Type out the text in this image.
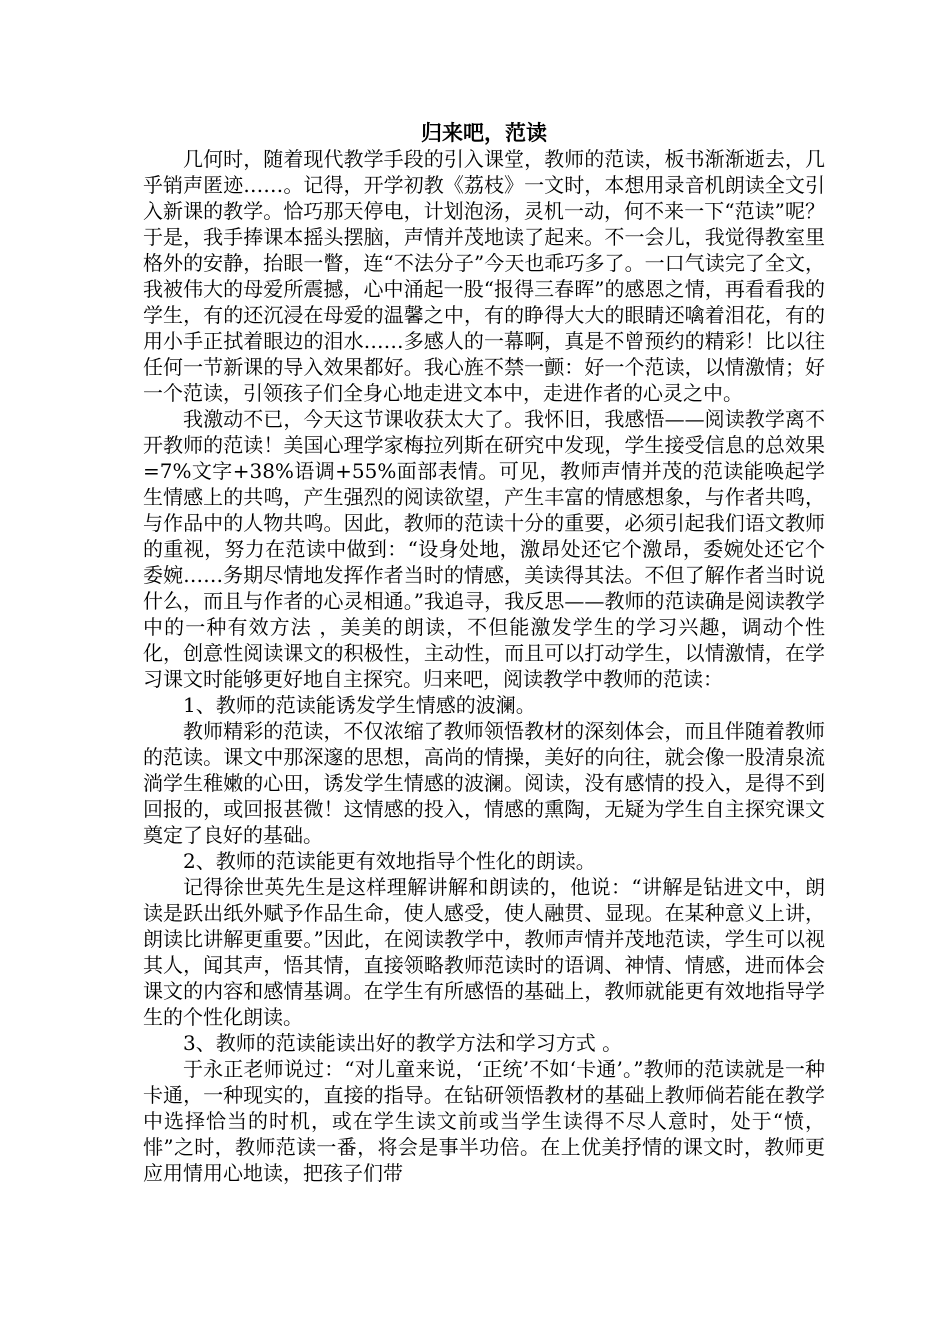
归来吧，范读

几何时，随着现代教学手段的引入课堂，教师的范读，板书渐渐逝去，几乎销声匿迹……。记得，开学初教《荔枝》一文时，本想用录音机朗读全文引入新课的教学。恰巧那天停电，计划泡汤，灵机一动，何不来一下“范读”呢？于是，我手捧课本摇头摆脑，声情并茂地读了起来。不一会儿，我觉得教室里格外的安静，抬眼一瞥，连“不法分子”今天也乖巧多了。一口气读完了全文，我被伟大的母爱所震撼，心中涌起一股“报得三春晖”的感恩之情，再看看我的学生，有的还沉浸在母爱的温馨之中，有的睁得大大的眼睛还噙着泪花，有的用小手正拭着眼边的泪水……多感人的一幕啊，真是不曾预约的精彩！比以往任何一节新课的导入效果都好。我心旌不禁一颤：好一个范读，以情激情；好一个范读，引领孩子们全身心地走进文本中，走进作者的心灵之中。

我激动不已，今天这节课收获太大了。我怀旧，我感悟——阅读教学离不开教师的范读！美国心理学家梅拉列斯在研究中发现，学生接受信息的总效果=7%文字+38%语调+55%面部表情。可见，教师声情并茂的范读能唤起学生情感上的共鸣，产生强烈的阅读欲望，产生丰富的情感想象，与作者共鸣，与作品中的人物共鸣。因此，教师的范读十分的重要，必须引起我们语文教师的重视，努力在范读中做到：“设身处地，激昂处还它个激昂，委婉处还它个委婉……务期尽情地发挥作者当时的情感，美读得其法。不但了解作者当时说什么，而且与作者的心灵相通。”我追寻，我反思——教师的范读确是阅读教学中的一种有效方法 ，美美的朗读，不但能激发学生的学习兴趣，调动个性化，创意性阅读课文的积极性，主动性，而且可以打动学生，以情激情，在学习课文时能够更好地自主探究。归来吧，阅读教学中教师的范读：

1、教师的范读能诱发学生情感的波澜。

教师精彩的范读，不仅浓缩了教师领悟教材的深刻体会，而且伴随着教师的范读。课文中那深邃的思想，高尚的情操，美好的向往，就会像一股清泉流淌学生稚嫩的心田，诱发学生情感的波澜。阅读，没有感情的投入，是得不到回报的，或回报甚微！这情感的投入，情感的熏陶，无疑为学生自主探究课文奠定了良好的基础。

2、教师的范读能更有效地指导个性化的朗读。

记得徐世英先生是这样理解讲解和朗读的，他说：“讲解是钻进文中，朗读是跃出纸外赋予作品生命，使人感受，使人融贯、显现。在某种意义上讲，朗读比讲解更重要。”因此，在阅读教学中，教师声情并茂地范读，学生可以视其人，闻其声，悟其情，直接领略教师范读时的语调、神情、情感，进而体会课文的内容和感情基调。在学生有所感悟的基础上，教师就能更有效地指导学生的个性化朗读。

3、教师的范读能读出好的教学方法和学习方式 。

于永正老师说过：“对儿童来说，‘正统’不如‘卡通’。”教师的范读就是一种卡通，一种现实的，直接的指导。在钻研领悟教材的基础上教师倘若能在教学中选择恰当的时机，或在学生读文前或当学生读得不尽人意时，处于“愤，悱”之时，教师范读一番，将会是事半功倍。在上优美抒情的课文时，教师更应用情用心地读，把孩子们带
